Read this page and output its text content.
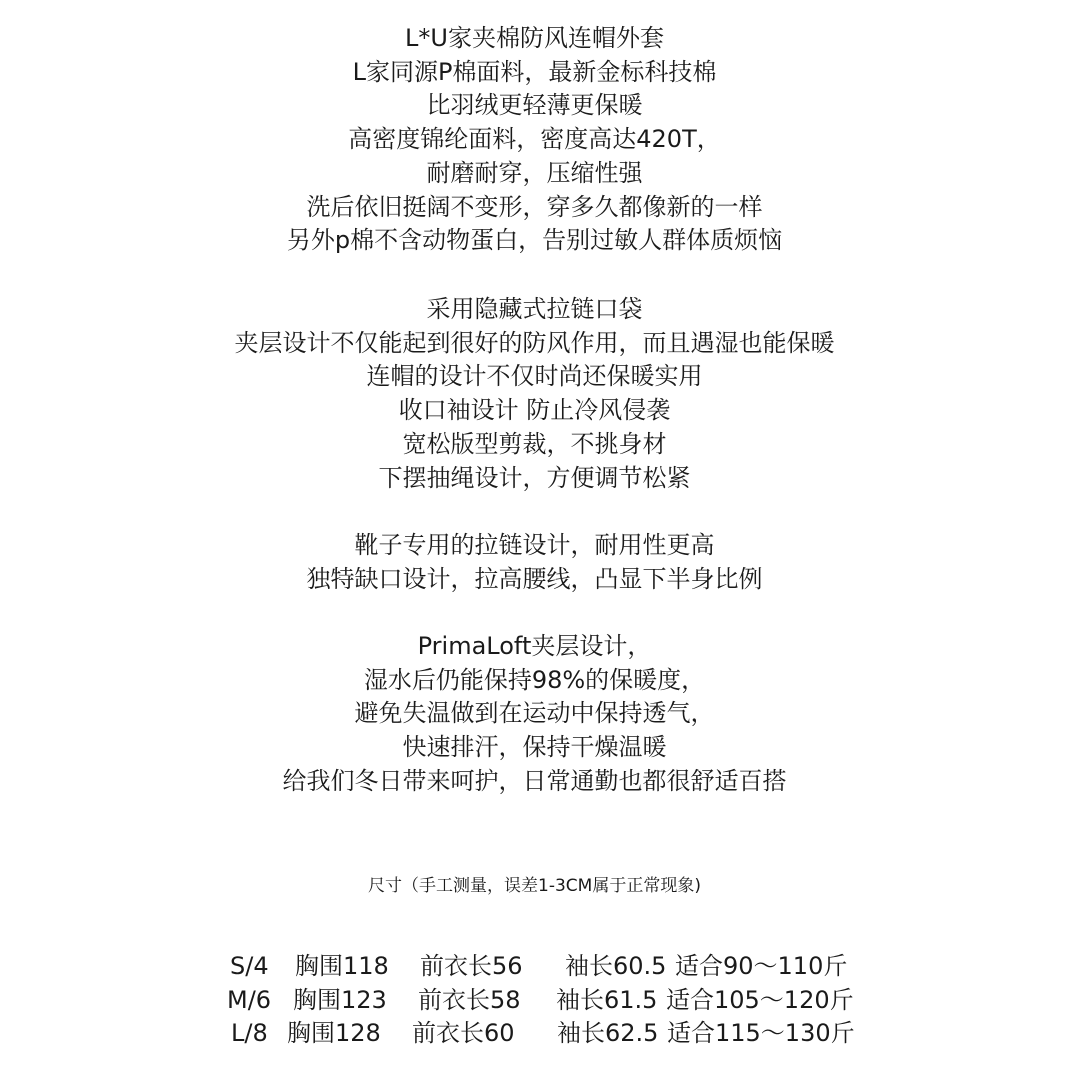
L*U家夹棉防风连帽外套
L家同源P棉面料，最新金标科技棉
比羽绒更轻薄更保暖
高密度锦纶面料，密度高达420T，
耐磨耐穿，压缩性强
洗后依旧挺阔不变形，穿多久都像新的一样
另外p棉不含动物蛋白，告别过敏人群体质烦恼
采用隐藏式拉链口袋
夹层设计不仅能起到很好的防风作用，而且遇湿也能保暖
连帽的设计不仅时尚还保暖实用
收口袖设计 防止冷风侵袭
宽松版型剪裁，不挑身材
下摆抽绳设计，方便调节松紧
靴子专用的拉链设计，耐用性更高
独特缺口设计，拉高腰线，凸显下半身比例
PrimaLoft夹层设计，
湿水后仍能保持98%的保暖度，
避免失温做到在运动中保持透气，
快速排汗，保持干燥温暖
给我们冬日带来呵护，日常通勤也都很舒适百搭
尺寸（手工测量，误差1-3CM属于正常现象)
S/4 胸围118 前衣长56 袖长60.5 适合90～110斤
M/6 胸围123 前衣长58 袖长61.5 适合105～120斤
L/8 胸围128 前衣长60 袖长62.5 适合115～130斤
